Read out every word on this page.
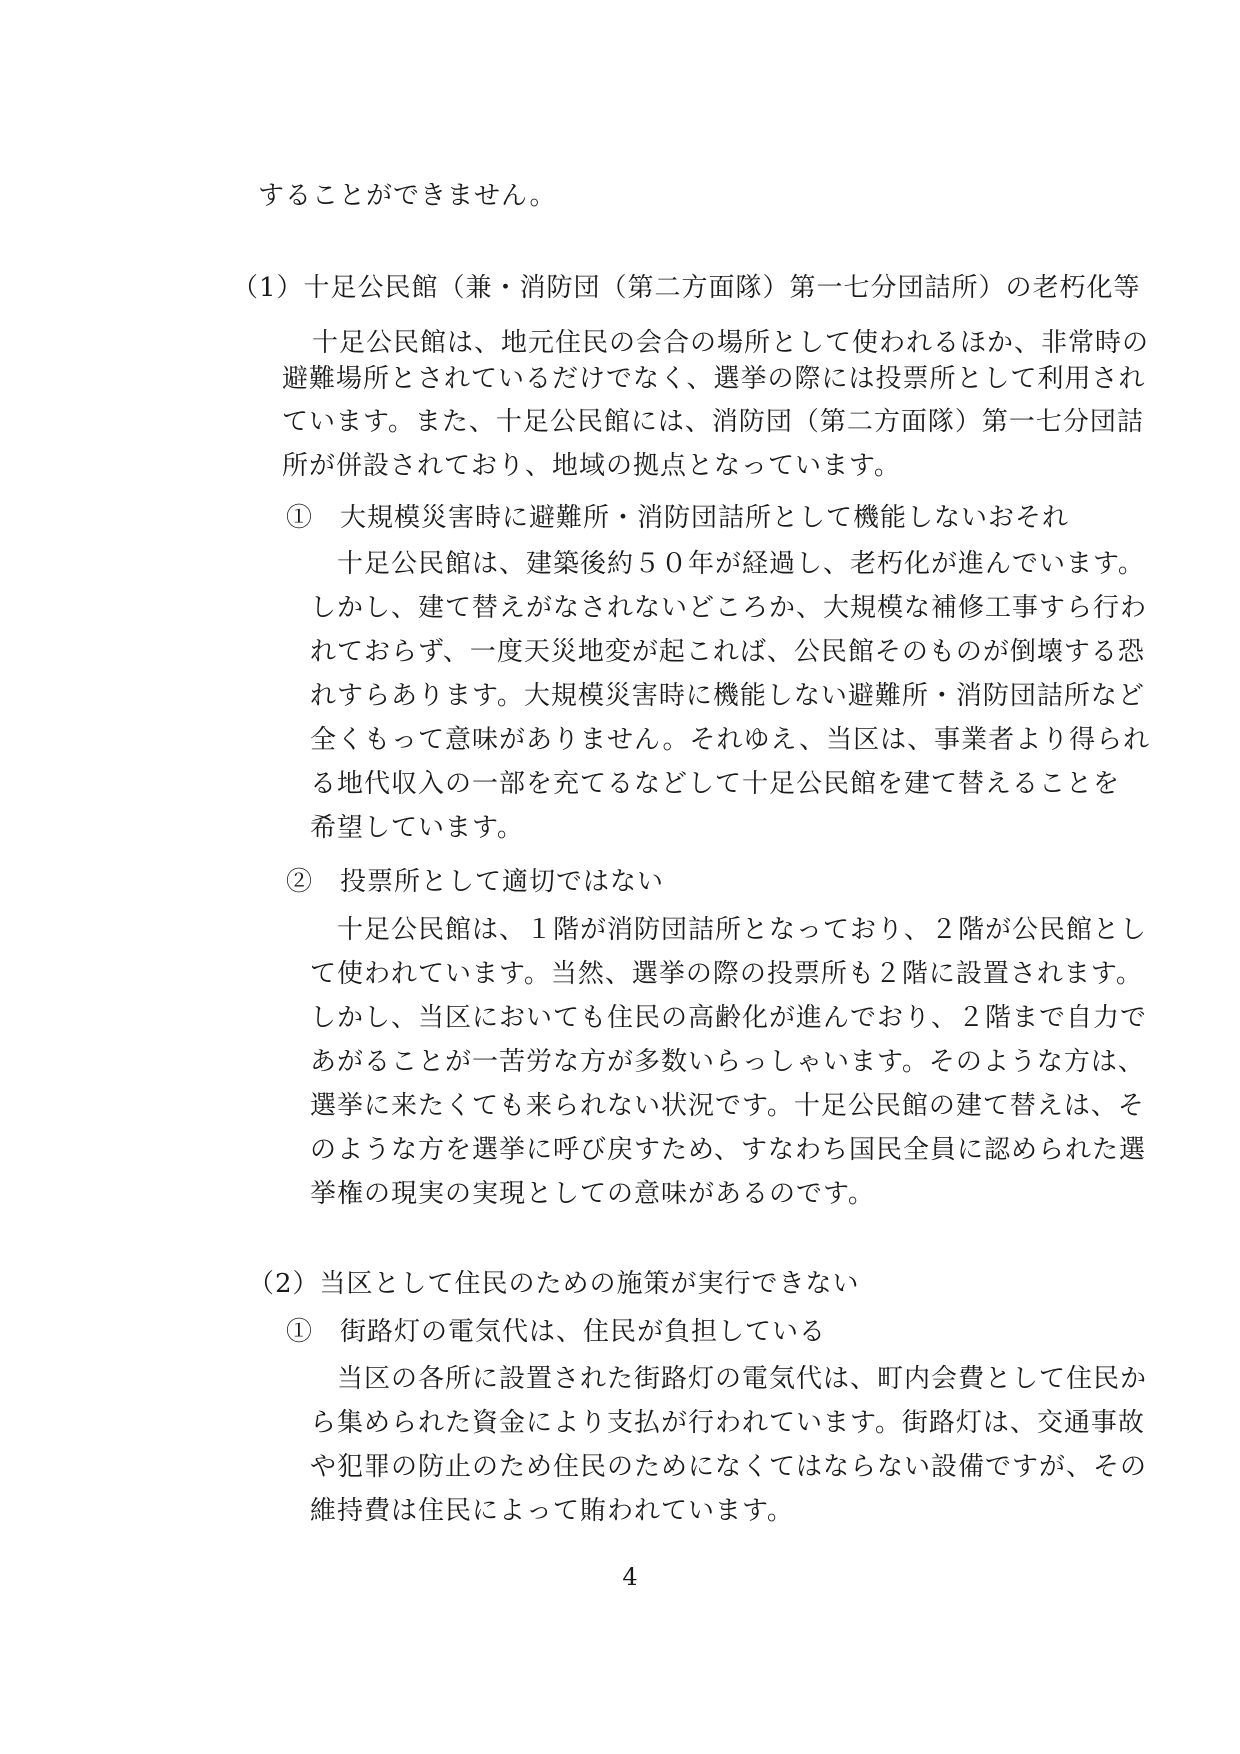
することができません。
（1）十足公民館（兼・消防団（第二方面隊）第一七分団詰所）の老朽化等
十足公民館は、地元住民の会合の場所として使われるほか、非常時の
避難場所とされているだけでなく、選挙の際には投票所として利用され
ています。また、十足公民館には、消防団（第二方面隊）第一七分団詰
所が併設されており、地域の拠点となっています。
①　大規模災害時に避難所・消防団詰所として機能しないおそれ
十足公民館は、建築後約５０年が経過し、老朽化が進んでいます。
しかし、建て替えがなされないどころか、大規模な補修工事すら行わ
れておらず、一度天災地変が起これば、公民館そのものが倒壊する恐
れすらあります。大規模災害時に機能しない避難所・消防団詰所など
全くもって意味がありません。それゆえ、当区は、事業者より得られ
る地代収入の一部を充てるなどして十足公民館を建て替えることを
希望しています。
②　投票所として適切ではない
十足公民館は、１階が消防団詰所となっており、２階が公民館とし
て使われています。当然、選挙の際の投票所も２階に設置されます。
しかし、当区においても住民の高齢化が進んでおり、２階まで自力で
あがることが一苦労な方が多数いらっしゃいます。そのような方は、
選挙に来たくても来られない状況です。十足公民館の建て替えは、そ
のような方を選挙に呼び戻すため、すなわち国民全員に認められた選
挙権の現実の実現としての意味があるのです。
（2）当区として住民のための施策が実行できない
①　街路灯の電気代は、住民が負担している
当区の各所に設置された街路灯の電気代は、町内会費として住民か
ら集められた資金により支払が行われています。街路灯は、交通事故
や犯罪の防止のため住民のためになくてはならない設備ですが、その
維持費は住民によって賄われています。
4
